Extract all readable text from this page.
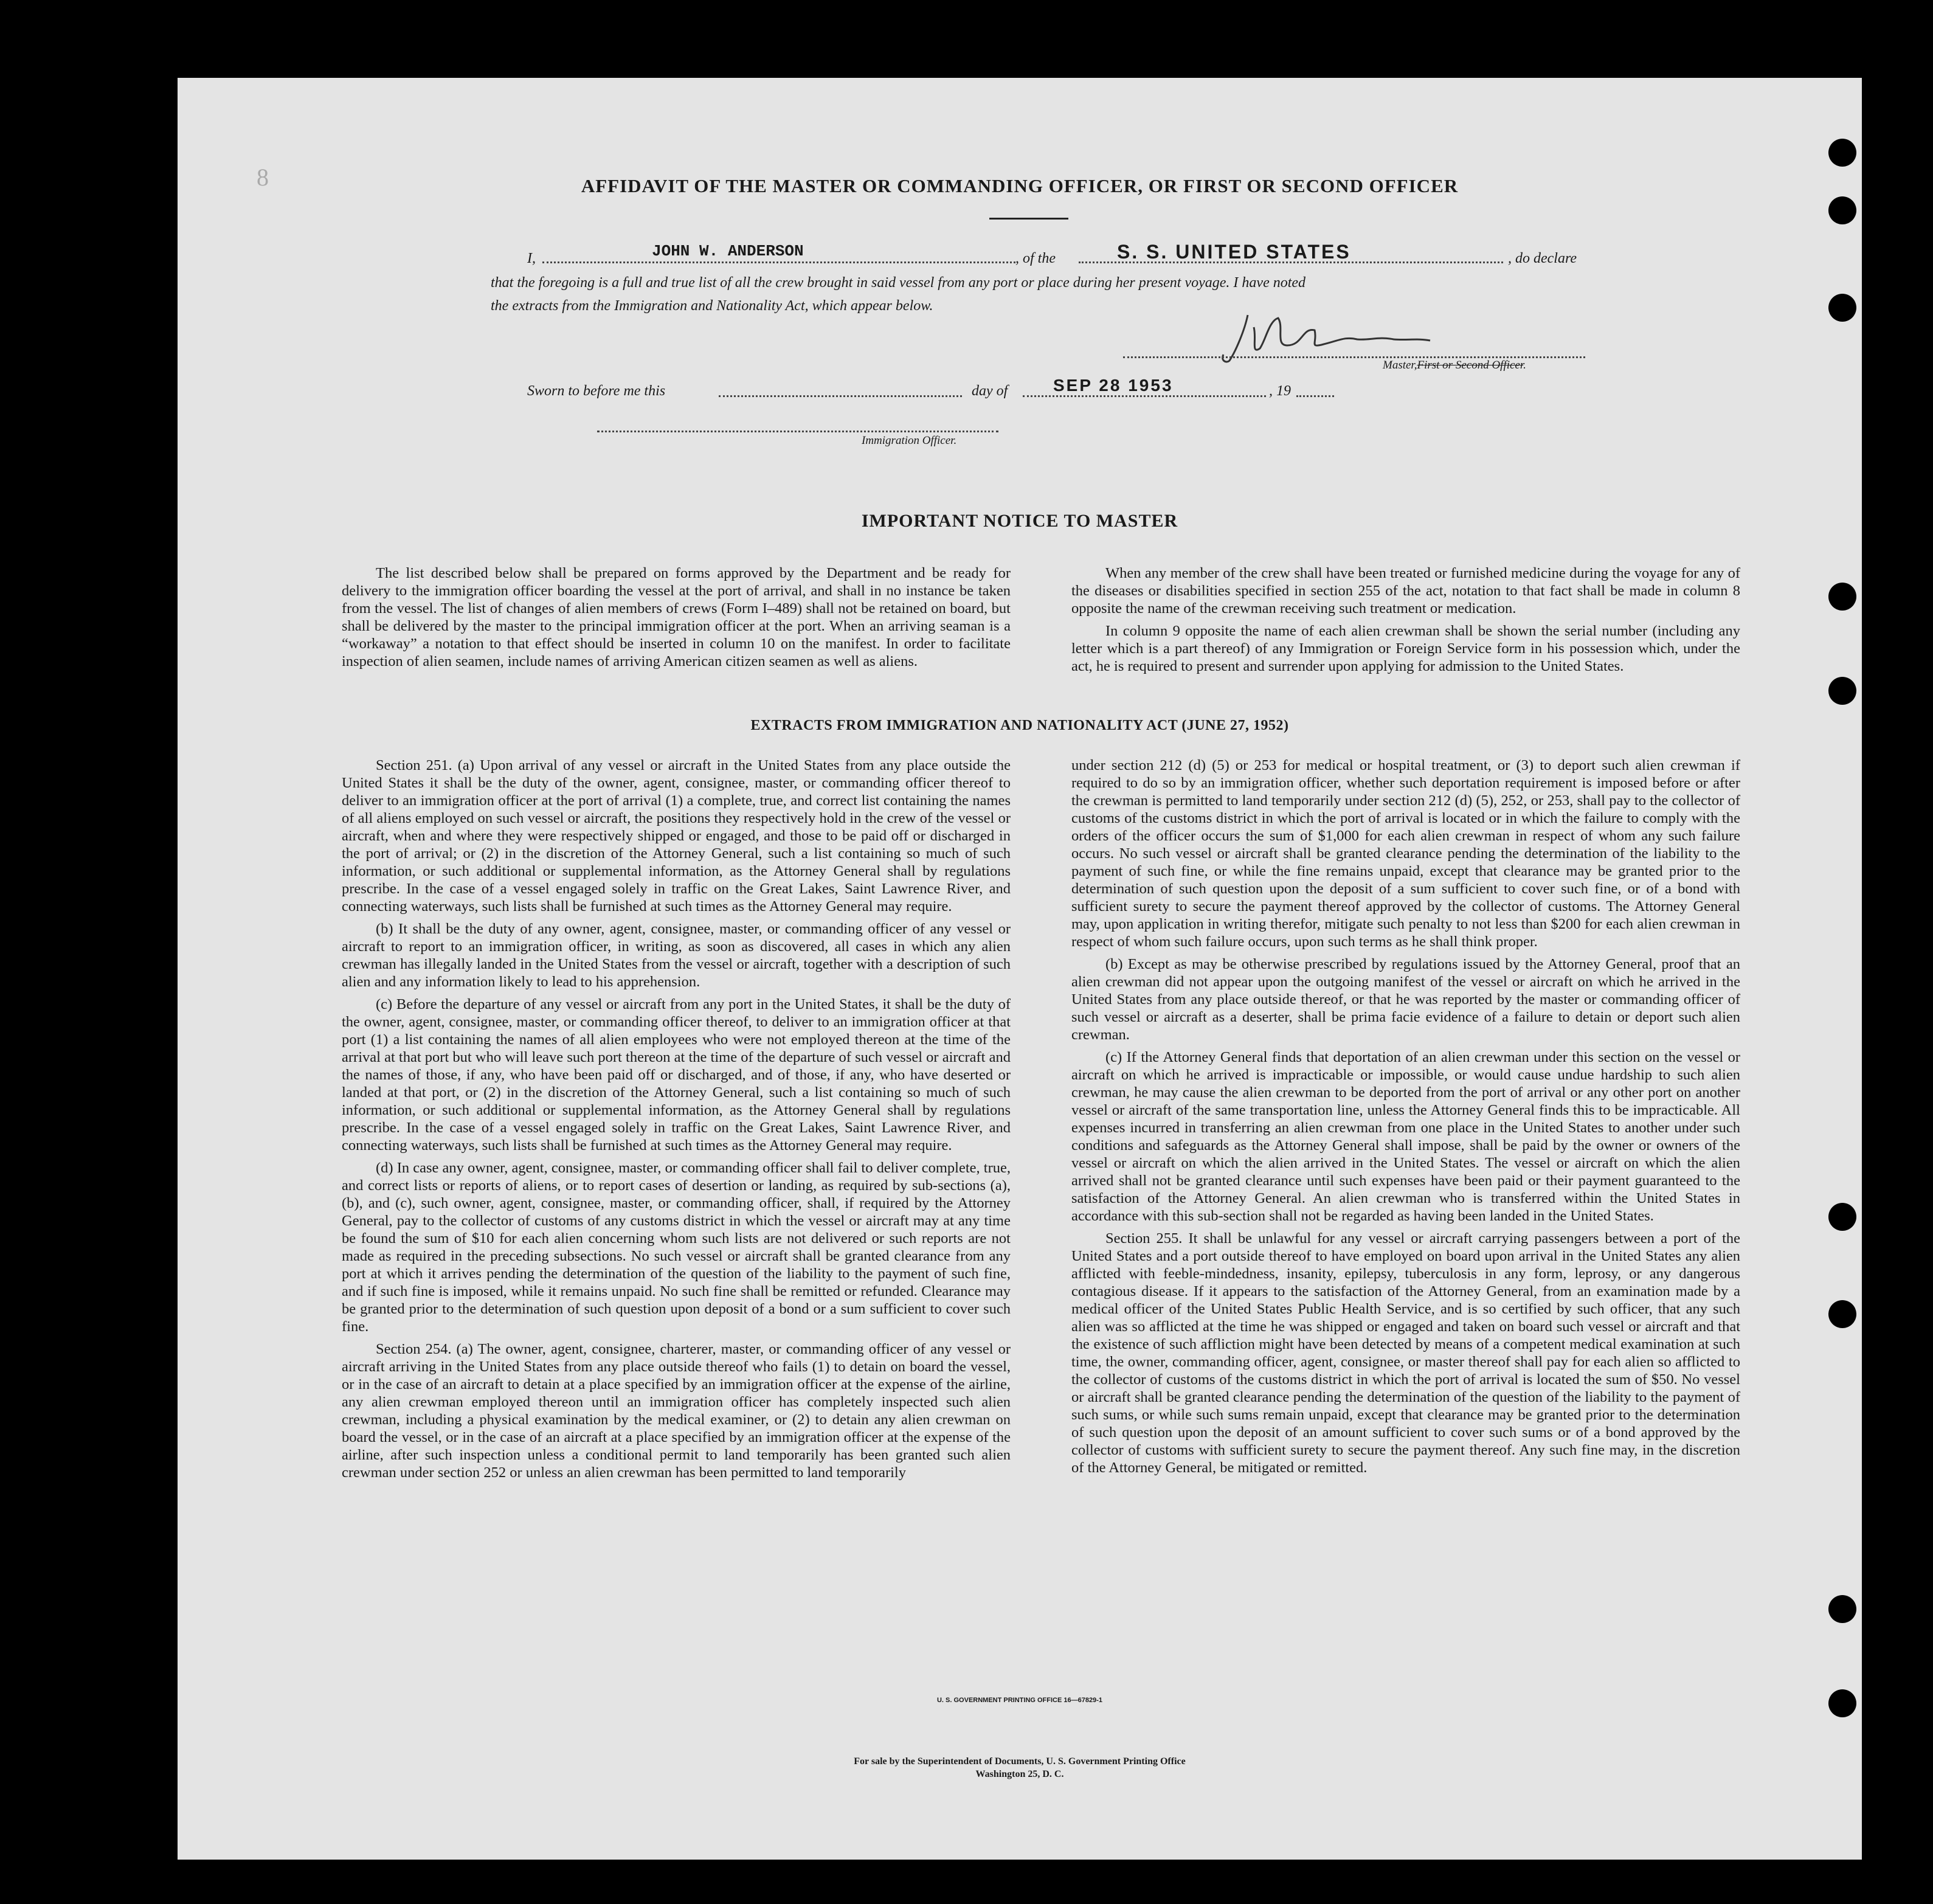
8	AFFIDAVIT OF THE MASTER OR COMMANDING OFFICER, OR FIRST OR SECOND OFFICER
I,	JOHN W. ANDERSON	, of the	S. S. UNITED STATES	, do declare
that the foregoing is a full and true list of all the crew brought in said vessel from any port or place during her present voyage. I have noted
the extracts from the Immigration and Nationality Act, which appear below.
Master,First or Second Officer.
Sworn to before me this	day of	SEP 28 1953	, 19
Immigration Officer.
IMPORTANT NOTICE TO MASTER

The list described below shall be prepared on forms approved by the Department and be ready for delivery to the immigration officer boarding the vessel at the port of arrival, and shall in no instance be taken from the vessel. The list of changes of alien members of crews (Form I–489) shall not be retained on board, but shall be delivered by the master to the principal immigration officer at the port. When an arriving seaman is a “workaway” a notation to that effect should be inserted in column 10 on the manifest. In order to facilitate inspection of alien seamen, include names of arriving American citizen seamen as well as aliens.

When any member of the crew shall have been treated or furnished medicine during the voyage for any of the diseases or disabilities specified in section 255 of the act, notation to that fact shall be made in column 8 opposite the name of the crewman receiving such treatment or medication.

In column 9 opposite the name of each alien crewman shall be shown the serial number (including any letter which is a part thereof) of any Immigration or Foreign Service form in his possession which, under the act, he is required to present and surrender upon applying for admission to the United States.

EXTRACTS FROM IMMIGRATION AND NATIONALITY ACT (JUNE 27, 1952)

Section 251. (a) Upon arrival of any vessel or aircraft in the United States from any place outside the United States it shall be the duty of the owner, agent, consignee, master, or commanding officer thereof to deliver to an immigration officer at the port of arrival (1) a complete, true, and correct list containing the names of all aliens employed on such vessel or aircraft, the positions they respectively hold in the crew of the vessel or aircraft, when and where they were respectively shipped or engaged, and those to be paid off or discharged in the port of arrival; or (2) in the discretion of the Attorney General, such a list containing so much of such information, or such additional or supplemental information, as the Attorney General shall by regulations prescribe. In the case of a vessel engaged solely in traffic on the Great Lakes, Saint Lawrence River, and connecting waterways, such lists shall be furnished at such times as the Attorney General may require.

(b) It shall be the duty of any owner, agent, consignee, master, or commanding officer of any vessel or aircraft to report to an immigration officer, in writing, as soon as discovered, all cases in which any alien crewman has illegally landed in the United States from the vessel or aircraft, together with a description of such alien and any information likely to lead to his apprehension.

(c) Before the departure of any vessel or aircraft from any port in the United States, it shall be the duty of the owner, agent, consignee, master, or commanding officer thereof, to deliver to an immigration officer at that port (1) a list containing the names of all alien employees who were not employed thereon at the time of the arrival at that port but who will leave such port thereon at the time of the departure of such vessel or aircraft and the names of those, if any, who have been paid off or discharged, and of those, if any, who have deserted or landed at that port, or (2) in the discretion of the Attorney General, such a list containing so much of such information, or such additional or supplemental information, as the Attorney General shall by regulations prescribe. In the case of a vessel engaged solely in traffic on the Great Lakes, Saint Lawrence River, and connecting waterways, such lists shall be furnished at such times as the Attorney General may require.

(d) In case any owner, agent, consignee, master, or commanding officer shall fail to deliver complete, true, and correct lists or reports of aliens, or to report cases of desertion or landing, as required by sub-sections (a), (b), and (c), such owner, agent, consignee, master, or commanding officer, shall, if required by the Attorney General, pay to the collector of customs of any customs district in which the vessel or aircraft may at any time be found the sum of $10 for each alien concerning whom such lists are not delivered or such reports are not made as required in the preceding subsections. No such vessel or aircraft shall be granted clearance from any port at which it arrives pending the determination of the question of the liability to the payment of such fine, and if such fine is imposed, while it remains unpaid. No such fine shall be remitted or refunded. Clearance may be granted prior to the determination of such question upon deposit of a bond or a sum sufficient to cover such fine.

Section 254. (a) The owner, agent, consignee, charterer, master, or commanding officer of any vessel or aircraft arriving in the United States from any place outside thereof who fails (1) to detain on board the vessel, or in the case of an aircraft to detain at a place specified by an immigration officer at the expense of the airline, any alien crewman employed thereon until an immigration officer has completely inspected such alien crewman, including a physical examination by the medical examiner, or (2) to detain any alien crewman on board the vessel, or in the case of an aircraft at a place specified by an immigration officer at the expense of the airline, after such inspection unless a conditional permit to land temporarily has been granted such alien crewman under section 252 or unless an alien crewman has been permitted to land temporarily

under section 212 (d) (5) or 253 for medical or hospital treatment, or (3) to deport such alien crewman if required to do so by an immigration officer, whether such deportation requirement is imposed before or after the crewman is permitted to land temporarily under section 212 (d) (5), 252, or 253, shall pay to the collector of customs of the customs district in which the port of arrival is located or in which the failure to comply with the orders of the officer occurs the sum of $1,000 for each alien crewman in respect of whom any such failure occurs. No such vessel or aircraft shall be granted clearance pending the determination of the liability to the payment of such fine, or while the fine remains unpaid, except that clearance may be granted prior to the determination of such question upon the deposit of a sum sufficient to cover such fine, or of a bond with sufficient surety to secure the payment thereof approved by the collector of customs. The Attorney General may, upon application in writing therefor, mitigate such penalty to not less than $200 for each alien crewman in respect of whom such failure occurs, upon such terms as he shall think proper.

(b) Except as may be otherwise prescribed by regulations issued by the Attorney General, proof that an alien crewman did not appear upon the outgoing manifest of the vessel or aircraft on which he arrived in the United States from any place outside thereof, or that he was reported by the master or commanding officer of such vessel or aircraft as a deserter, shall be prima facie evidence of a failure to detain or deport such alien crewman.

(c) If the Attorney General finds that deportation of an alien crewman under this section on the vessel or aircraft on which he arrived is impracticable or impossible, or would cause undue hardship to such alien crewman, he may cause the alien crewman to be deported from the port of arrival or any other port on another vessel or aircraft of the same transportation line, unless the Attorney General finds this to be impracticable. All expenses incurred in transferring an alien crewman from one place in the United States to another under such conditions and safeguards as the Attorney General shall impose, shall be paid by the owner or owners of the vessel or aircraft on which the alien arrived in the United States. The vessel or aircraft on which the alien arrived shall not be granted clearance until such expenses have been paid or their payment guaranteed to the satisfaction of the Attorney General. An alien crewman who is transferred within the United States in accordance with this sub-section shall not be regarded as having been landed in the United States.

Section 255. It shall be unlawful for any vessel or aircraft carrying passengers between a port of the United States and a port outside thereof to have employed on board upon arrival in the United States any alien afflicted with feeble-mindedness, insanity, epilepsy, tuberculosis in any form, leprosy, or any dangerous contagious disease. If it appears to the satisfaction of the Attorney General, from an examination made by a medical officer of the United States Public Health Service, and is so certified by such officer, that any such alien was so afflicted at the time he was shipped or engaged and taken on board such vessel or aircraft and that the existence of such affliction might have been detected by means of a competent medical examination at such time, the owner, commanding officer, agent, consignee, or master thereof shall pay for each alien so afflicted to the collector of customs of the customs district in which the port of arrival is located the sum of $50. No vessel or aircraft shall be granted clearance pending the determination of the question of the liability to the payment of such sums, or while such sums remain unpaid, except that clearance may be granted prior to the determination of such question upon the deposit of an amount sufficient to cover such sums or of a bond approved by the collector of customs with sufficient surety to secure the payment thereof. Any such fine may, in the discretion of the Attorney General, be mitigated or remitted.

U. S. GOVERNMENT PRINTING OFFICE 16—67829-1
For sale by the Superintendent of Documents, U. S. Government Printing Office
Washington 25, D. C.
